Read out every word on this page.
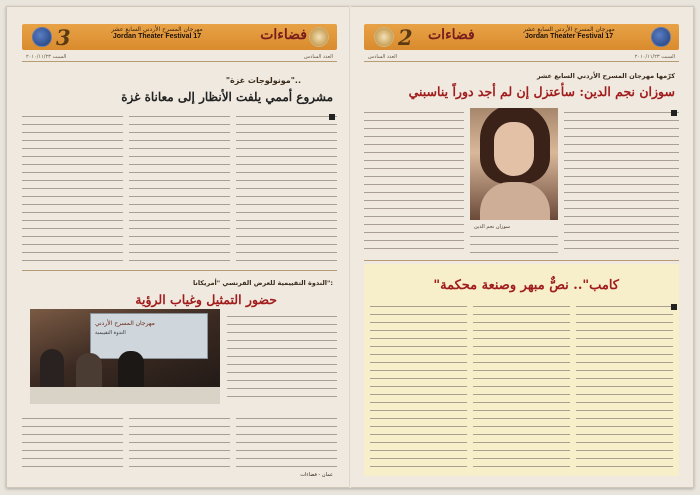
3	مهرجان المسرح الأردني السابع عشر
Jordan Theater Festival 17	فضاءات
السبت ٢٠١٠/١١/٢٣	العدد السادس
"مونولوجات غزة"..
مشروع أممي يلفت الأنظار إلى معاناة غزة
الندوة التقييمية للعرض الفرنسي "أمريكانا":
حضور التمثيل وغياب الرؤية
مهرجان المسرح الأردني
الندوة التقييمية
عمان - فضاءات
2 فضاءات	مهرجان المسرح الأردني السابع عشر
Jordan Theater Festival 17
العدد السادس	السبت ٢٠١٠/١١/٢٣
كرّمها مهرجان المسرح الأردني السابع عشر
سوزان نجم الدين: سأعتزل إن لم أجد دوراً يناسبني
سوزان نجم الدين
"كامب".. نصٌّ مبهر وصنعة محكمة
